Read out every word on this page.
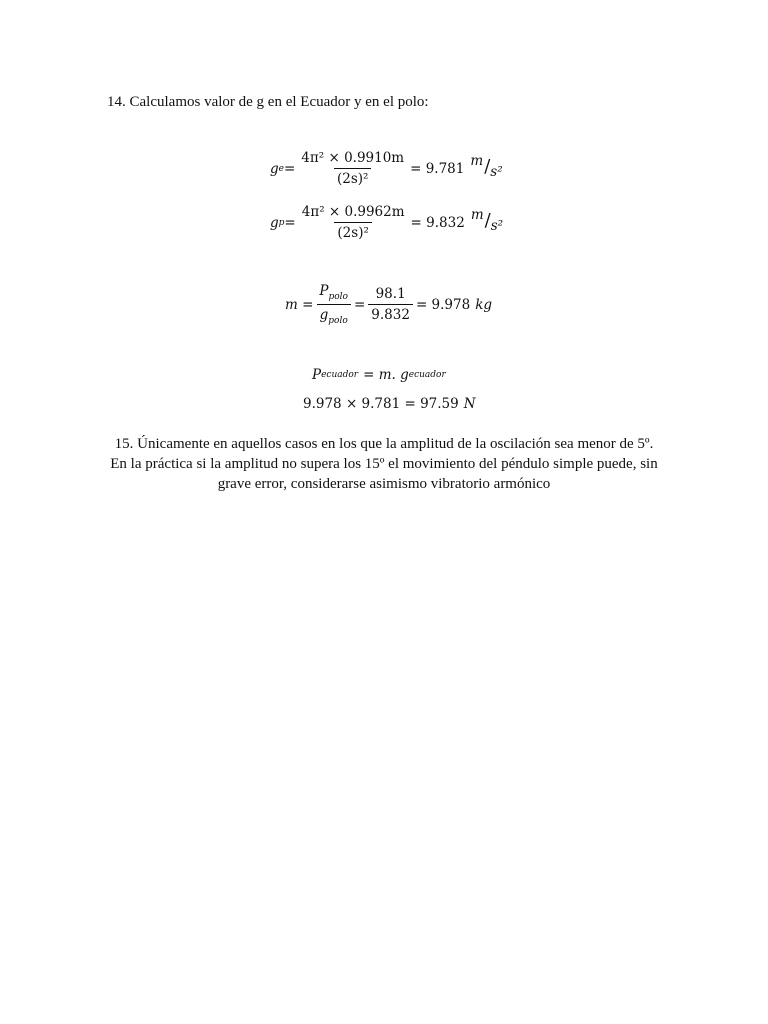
14. Calculamos valor de g en el Ecuador y en el polo:
g $e = \frac{\text{4π² × 0.9910m}}{\text{(2s)²}} = 9.781$ m / s²
g $p = \frac{\text{4π² × 0.9962m}}{\text{(2s)²}} = 9.832$ m / s²
$m = \frac{P_{polo}}{g_{polo}} = \frac{98.1}{9.832} = 9.978$ kg
P ecuador = m. g ecuador
9.978 × 9.781 = 97.59 N
15. Únicamente en aquellos casos en los que la amplitud de la oscilación sea menor de 5º.
En la práctica si la amplitud no supera los 15º el movimiento del péndulo simple puede, sin
grave error, considerarse asimismo vibratorio armónico
